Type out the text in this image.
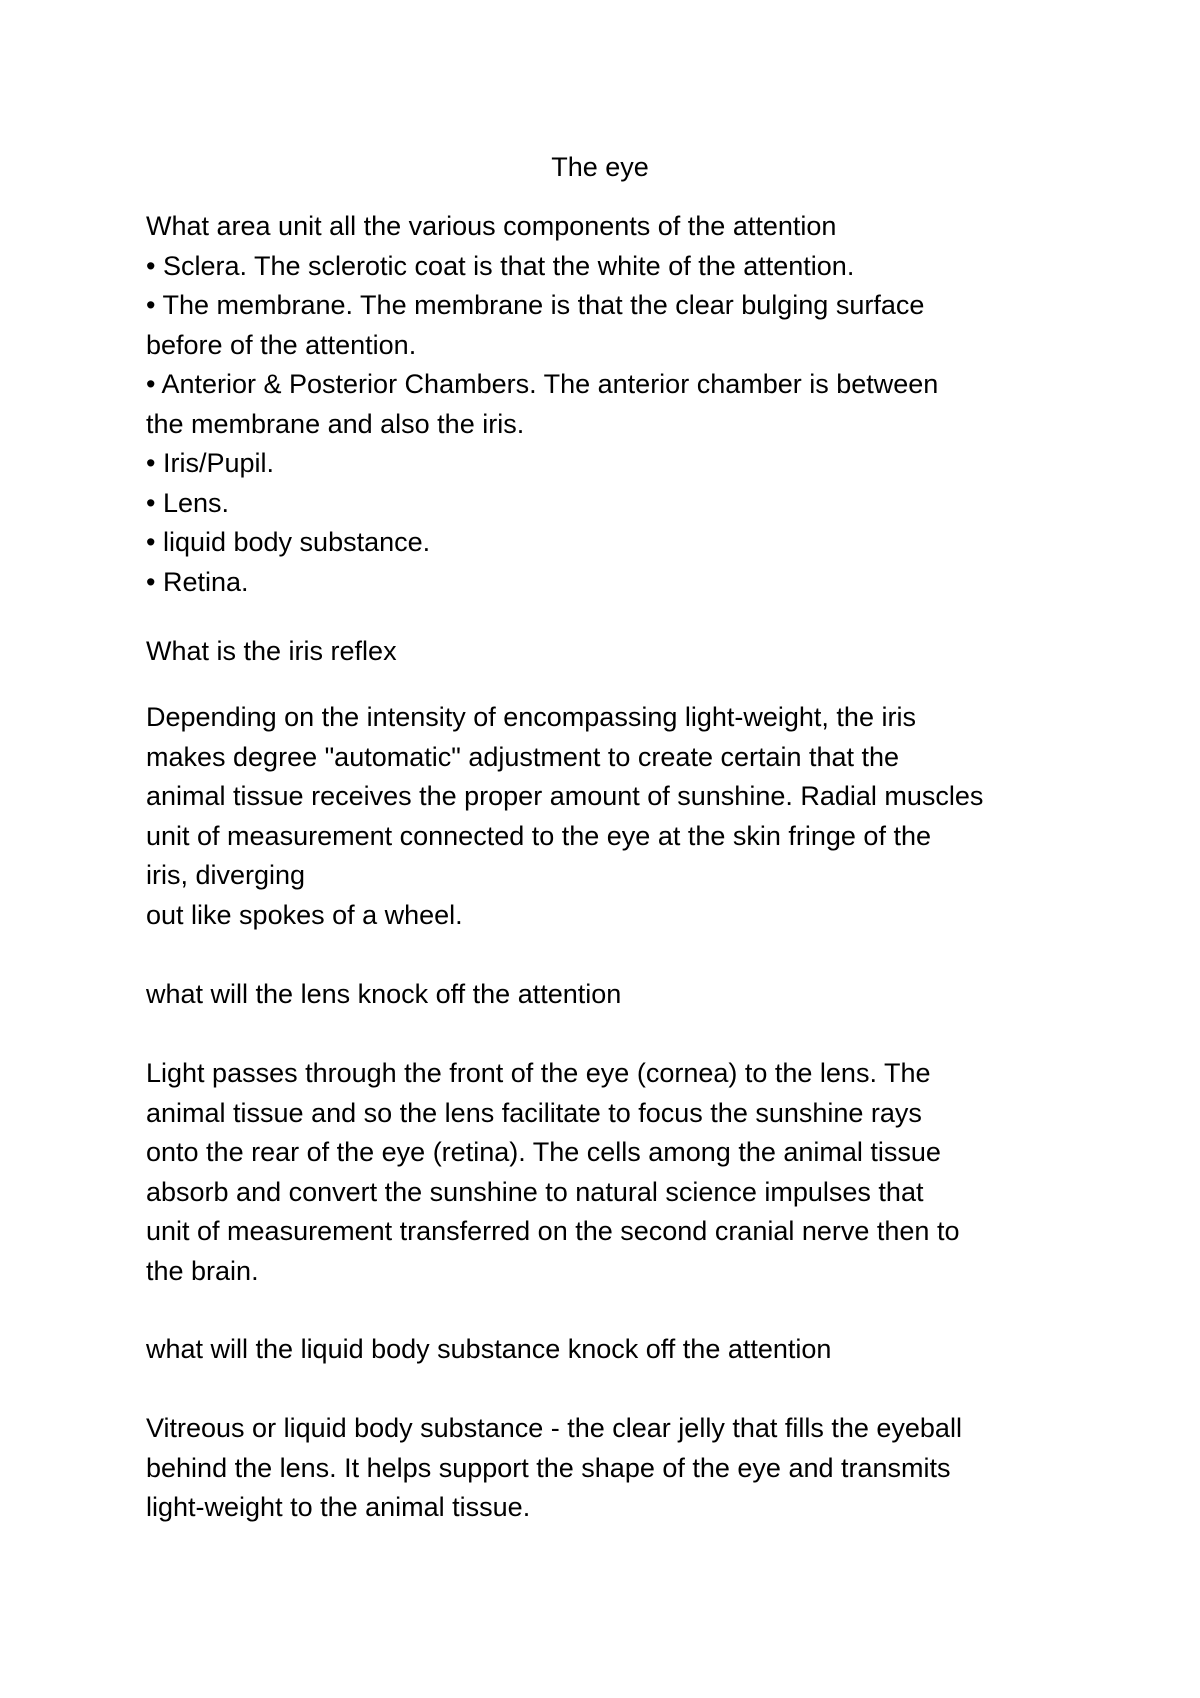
The eye
What area unit all the various components of the attention
• Sclera. The sclerotic coat is that the white of the attention.
• The membrane. The membrane is that the clear bulging surface
before of the attention.
• Anterior & Posterior Chambers. The anterior chamber is between
the membrane and also the iris.
• Iris/Pupil.
• Lens.
• liquid body substance.
• Retina.
What is the iris reflex
Depending on the intensity of encompassing light-weight, the iris
makes degree "automatic" adjustment to create certain that the
animal tissue receives the proper amount of sunshine. Radial muscles
unit of measurement connected to the eye at the skin fringe of the
iris, diverging
out like spokes of a wheel.
what will the lens knock off the attention
Light passes through the front of the eye (cornea) to the lens. The
animal tissue and so the lens facilitate to focus the sunshine rays
onto the rear of the eye (retina). The cells among the animal tissue
absorb and convert the sunshine to natural science impulses that
unit of measurement transferred on the second cranial nerve then to
the brain.
what will the liquid body substance knock off the attention
Vitreous or liquid body substance - the clear jelly that fills the eyeball
behind the lens. It helps support the shape of the eye and transmits
light-weight to the animal tissue.
